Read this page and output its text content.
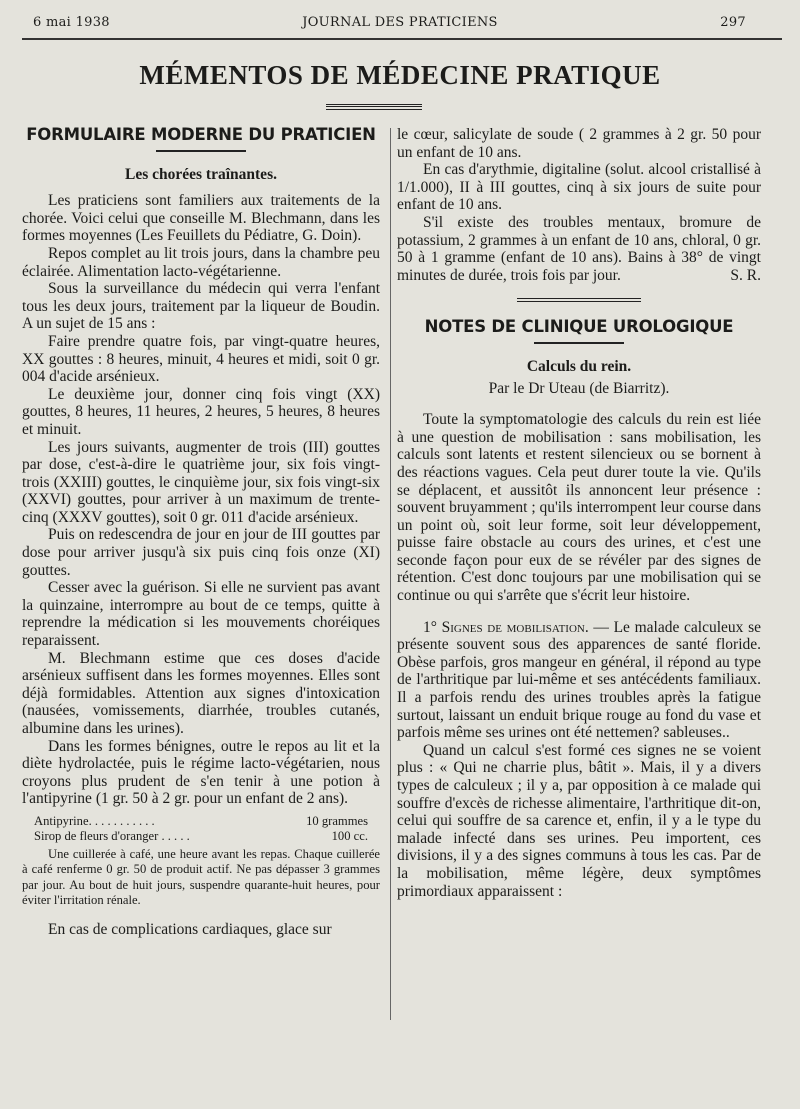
6 mai 1938	JOURNAL DES PRATICIENS	297
MÉMENTOS DE MÉDECINE PRATIQUE

FORMULAIRE MODERNE DU PRATICIEN

Les chorées traînantes.

Les praticiens sont familiers aux traitements de la chorée. Voici celui que conseille M. Blechmann, dans les formes moyennes (Les Feuillets du Pédiatre, G. Doin).

Repos complet au lit trois jours, dans la chambre peu éclairée. Alimentation lacto-végétarienne.

Sous la surveillance du médecin qui verra l'enfant tous les deux jours, traitement par la liqueur de Boudin. A un sujet de 15 ans :

Faire prendre quatre fois, par vingt-quatre heures, XX gouttes : 8 heures, minuit, 4 heures et midi, soit 0 gr. 004 d'acide arsénieux.

Le deuxième jour, donner cinq fois vingt (XX) gouttes, 8 heures, 11 heures, 2 heures, 5 heures, 8 heures et minuit.

Les jours suivants, augmenter de trois (III) gouttes par dose, c'est-à-dire le quatrième jour, six fois vingt-trois (XXIII) gouttes, le cinquième jour, six fois vingt-six (XXVI) gouttes, pour arriver à un maximum de trente-cinq (XXXV gouttes), soit 0 gr. 011 d'acide arsénieux.

Puis on redescendra de jour en jour de III gouttes par dose pour arriver jusqu'à six puis cinq fois onze (XI) gouttes.

Cesser avec la guérison. Si elle ne survient pas avant la quinzaine, interrompre au bout de ce temps, quitte à reprendre la médication si les mouvements choréiques reparaissent.

M. Blechmann estime que ces doses d'acide arsénieux suffisent dans les formes moyennes. Elles sont déjà formidables. Attention aux signes d'intoxication (nausées, vomissements, diarrhée, troubles cutanés, albumine dans les urines).

Dans les formes bénignes, outre le repos au lit et la diète hydrolactée, puis le régime lacto-végétarien, nous croyons plus prudent de s'en tenir à une potion à l'antipyrine (1 gr. 50 à 2 gr. pour un enfant de 2 ans).

Antipyrine. . . . . . . . . . .	10 grammes
Sirop de fleurs d'oranger . . . . .	100 cc.

Une cuillerée à café, une heure avant les repas. Chaque cuillerée à café renferme 0 gr. 50 de produit actif. Ne pas dépasser 3 grammes par jour. Au bout de huit jours, suspendre quarante-huit heures, pour éviter l'irritation rénale.

En cas de complications cardiaques, glace sur

le cœur, salicylate de soude ( 2 grammes à 2 gr. 50 pour un enfant de 10 ans.

En cas d'arythmie, digitaline (solut. alcool cristallisé à 1/1.000), II à III gouttes, cinq à six jours de suite pour enfant de 10 ans.

S'il existe des troubles mentaux, bromure de potassium, 2 grammes à un enfant de 10 ans, chloral, 0 gr. 50 à 1 gramme (enfant de 10 ans). Bains à 38° de vingt minutes de durée, trois fois par jour.	S. R.

NOTES DE CLINIQUE UROLOGIQUE

Calculs du rein.

Par le Dr Uteau (de Biarritz).

Toute la symptomatologie des calculs du rein est liée à une question de mobilisation : sans mobilisation, les calculs sont latents et restent silencieux ou se bornent à des réactions vagues. Cela peut durer toute la vie. Qu'ils se déplacent, et aussitôt ils annoncent leur présence : souvent bruyamment ; qu'ils interrompent leur course dans un point où, soit leur forme, soit leur développement, puisse faire obstacle au cours des urines, et c'est une seconde façon pour eux de se révéler par des signes de rétention. C'est donc toujours par une mobilisation qui se continue ou qui s'arrête que s'écrit leur histoire.

1° Signes de mobilisation. — Le malade calculeux se présente souvent sous des apparences de santé floride. Obèse parfois, gros mangeur en général, il répond au type de l'arthritique par lui-même et ses antécédents familiaux. Il a parfois rendu des urines troubles après la fatigue surtout, laissant un enduit brique rouge au fond du vase et parfois même ses urines ont été nettemen? sableuses..

Quand un calcul s'est formé ces signes ne se voient plus : « Qui ne charrie plus, bâtit ». Mais, il y a divers types de calculeux ; il y a, par opposition à ce malade qui souffre d'excès de richesse alimentaire, l'arthritique dit-on, celui qui souffre de sa carence et, enfin, il y a le type du malade infecté dans ses urines. Peu importent, ces divisions, il y a des signes communs à tous les cas. Par de la mobilisation, même légère, deux symptômes primordiaux apparaissent :
